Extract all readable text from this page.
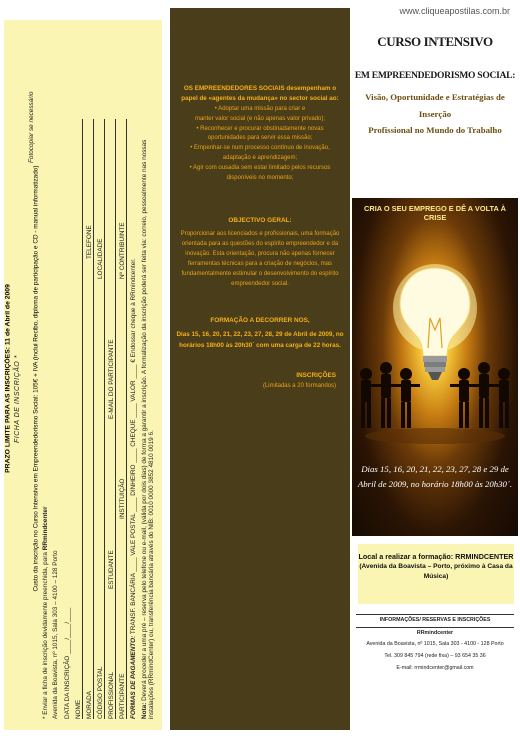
www.cliqueapostilas.com.br
FICHA DE INSCRIÇÃO *
Fotocopiar se necessário
* Enviar a ficha de inscrição devidamente preenchida, para RRmindcenter
Avenida da Boavista, nº 1015, Sala 303 – 4100 – 128 Porto DATA DA INSCRIÇÃO ____/____/____
NOME MORADA
TELEFONE
CÓDIGO POSTAL
LOCALIDADE
PROFISSIONAL
ESTUDANTE
E-MAIL DO PARTICIPANTE
PARTICIPANTE
INSTITUIÇÃO
Nº CONTRIBUINTE
FORMAS DE PAGAMENTO: TRANSF. BANCÁRIA ____ VALE POSTAL ____ DINHEIRO ____ CHEQUE ____ VALOR ____ € Endossar cheque à RRmindcenter.
Nota: Deverá proceder a uma pré – reserva pelo telefone ou e-mail, (válida por dois dias) de forma a garantir a inscrição. A formalização da inscrição poderá ser feita via: correio, pessoalmente nas nossas instalações (RRmindCenter) ou, transferência bancária através do NIB: 0010 0000 3852 4810 0019 6.
PRAZO LIMITE PARA AS INSCRIÇÕES: 11 de Abril de 2009	Custo da inscrição no Curso Intensivo em Empreendedorismo Social: 105€ + IVA (inclui Recibo, diploma de participação e CD - manual informatizado)
OS EMPREENDEDORES SOCIAIS desempenham o papel de «agentes da mudança» no sector social ao:
• Adoptar uma missão para criar e
manter valor social (e não apenas valor privado);
• Reconhecer e procurar obstinadamente novas
oportunidades para servir essa missão;
• Empenhar-se num processo contínuo de inovação,
adaptação e aprendizagem;
• Agir com ousadia sem estar limitado pelos recursos
disponíveis no momento;
OBJECTIVO GERAL:
Proporcionar aos licenciados e profissionais, uma formação
orientada para as questões do espírito empreendedor e da
inovação. Esta orientação, procura não apenas fornecer
ferramentas técnicas para a criação de negócios, mas
fundamentalmente estimular o desenvolvimento do espírito
empreendedor social.
FORMAÇÃO A DECORRER NOS,
Dias 15, 16, 20, 21, 22, 23, 27, 28, 29 de Abril de 2009, no
horários 18h00 às 20h30´ com uma carga de 22 horas.
INSCRIÇÕES
(Limitadas a 20 formandos)
CURSO INTENSIVO
EM EMPREENDEDORISMO SOCIAL:
Visão, Oportunidade e Estratégias de Inserção
Profissional no Mundo do Trabalho
CRIA O SEU EMPREGO E DÊ A VOLTA À CRISE
Dias 15, 16, 20, 21, 22, 23, 27, 28 e 29 de Abril de 2009, no horário 18h00 às 20h30´.
Local a realizar a formação: RRMINDCENTER
(Avenida da Boavista – Porto, próximo à Casa da Música)
INFORMAÇÕES/ RESERVAS E INSCRIÇÕES
RRmindcenter
Avenida da Boavista, nº 1015, Sala 303 - 4100 - 128 Porto
Tel. 309 845 794 (rede fixa) – 93 654 35 36
E-mail: rrmindcenter@gmail.com
